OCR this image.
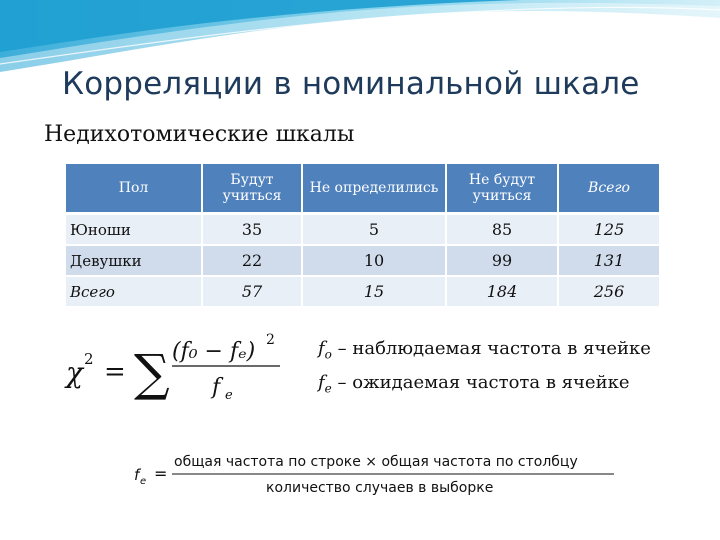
Корреляции в номинальной шкале
Недихотомические шкалы
Пол	Будут учиться	Не определились	Не будут учиться	Всего
Юноши	35	5	85	125
Девушки	22	10	99	131
Всего	57	15	184	256
χ 2 = ∑ (f₀ − fₑ) 2
f e
$f_o$ – наблюдаемая частота в ячейке
$f_e$ – ожидаемая частота в ячейке
f e =
общая частота по строке × общая частота по столбцу
количество случаев в выборке
